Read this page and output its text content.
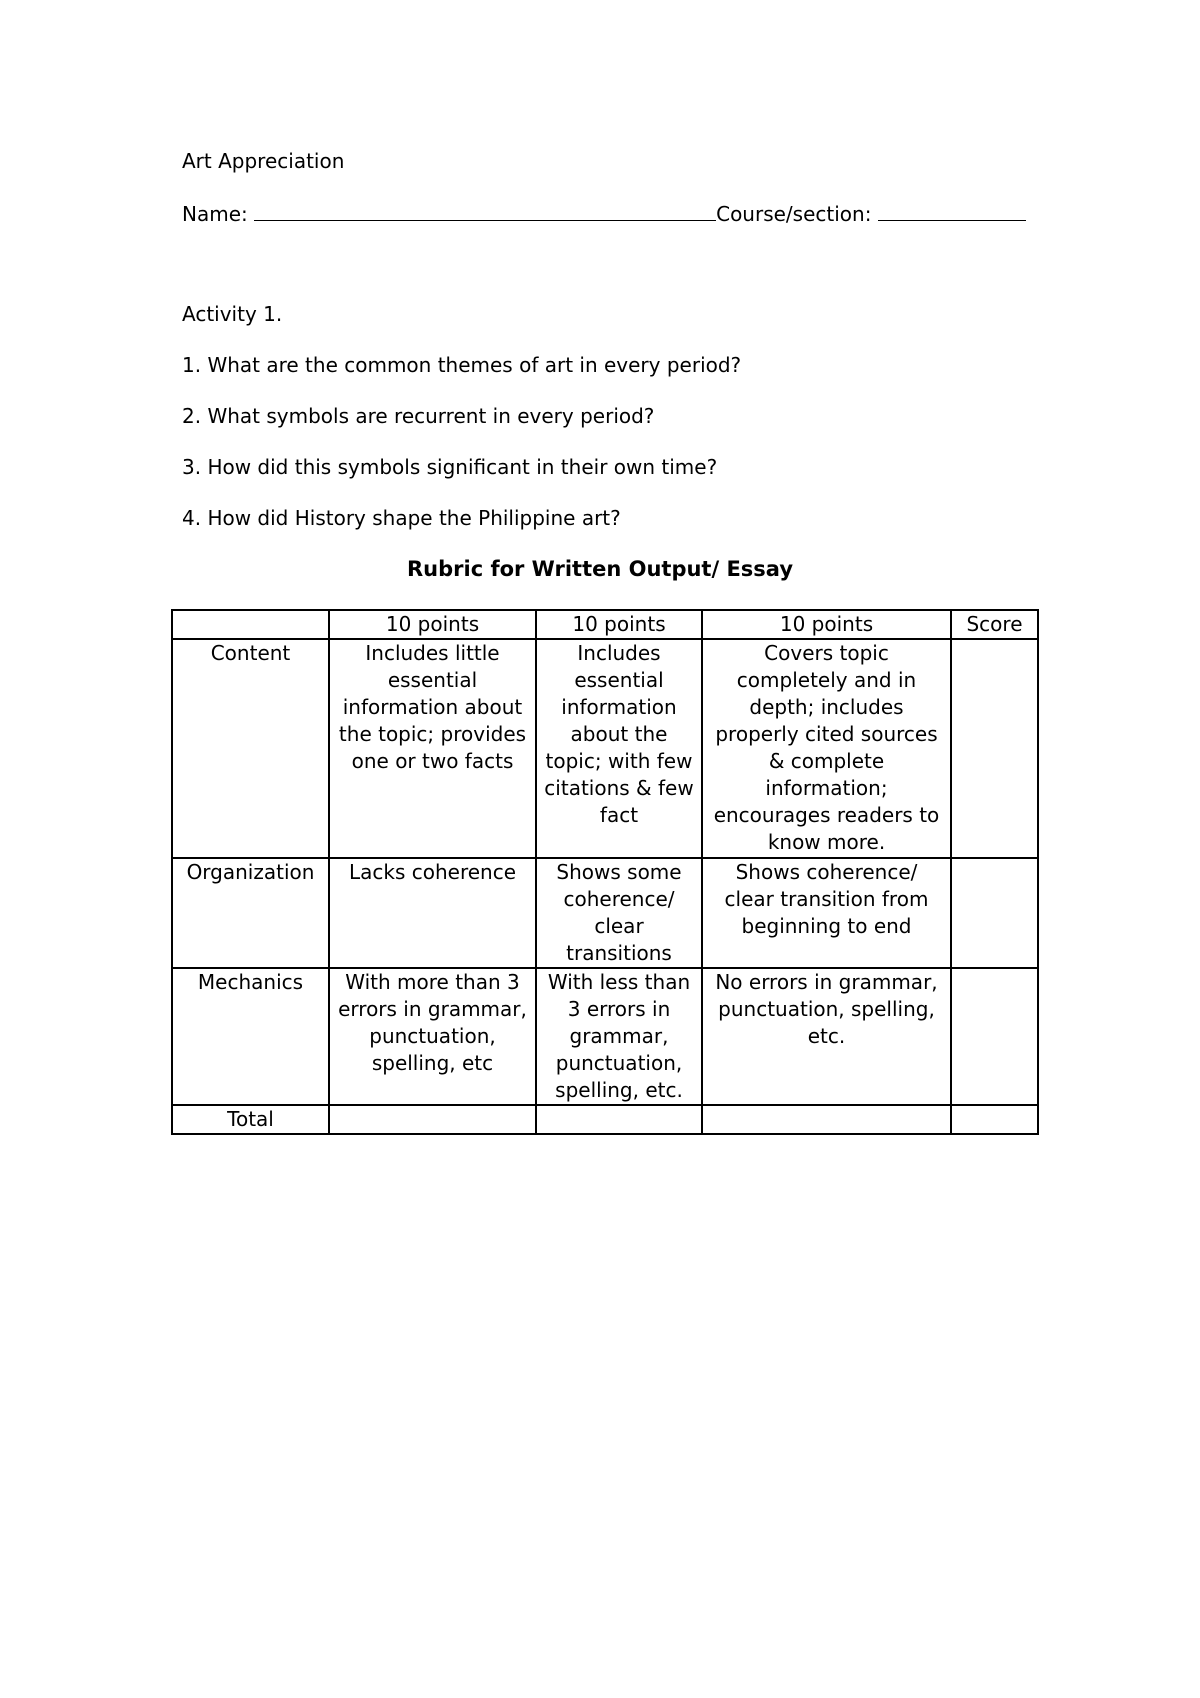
Art Appreciation
Name:	Course/section:
Activity 1.
1. What are the common themes of art in every period?
2. What symbols are recurrent in every period?
3. How did this symbols significant in their own time?
4. How did History shape the Philippine art?
Rubric for Written Output/ Essay
	10 points	10 points	10 points	Score
Content	Includes little essential information about the topic; provides one or two facts	Includes essential information about the topic; with few citations & few fact	Covers topic completely and in depth; includes properly cited sources & complete information; encourages readers to know more.	
Organization	Lacks coherence	Shows some coherence/ clear transitions	Shows coherence/ clear transition from beginning to end	
Mechanics	With more than 3 errors in grammar, punctuation, spelling, etc	With less than 3 errors in grammar, punctuation, spelling, etc.	No errors in grammar, punctuation, spelling, etc.	
Total				
